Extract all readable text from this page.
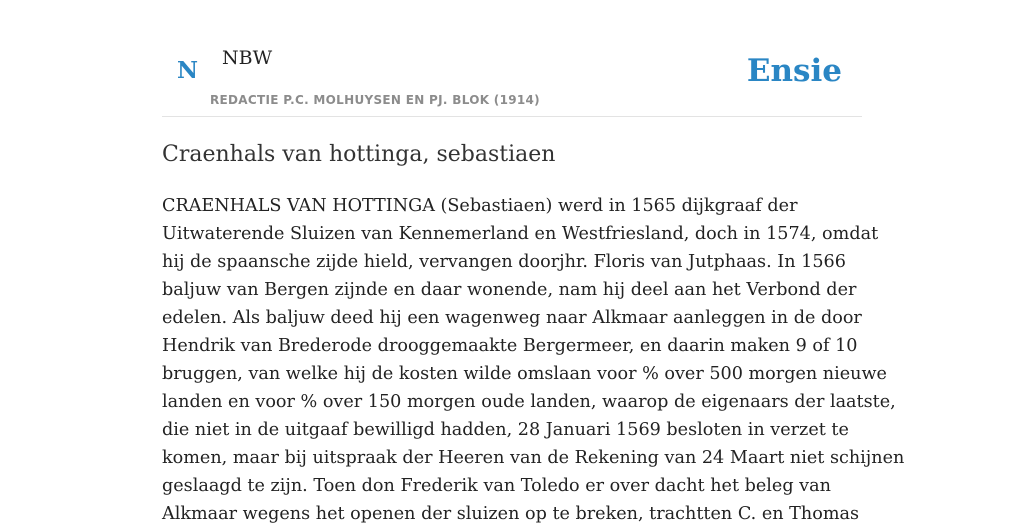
N NBW
REDACTIE P.C. MOLHUYSEN EN PJ. BLOK (1914)
Ensie
Craenhals van hottinga, sebastiaen

CRAENHALS VAN HOTTINGA (Sebastiaen) werd in 1565 dijkgraaf der
Uitwaterende Sluizen van Kennemerland en Westfriesland, doch in 1574, omdat
hij de spaansche zijde hield, vervangen doorjhr. Floris van Jutphaas. In 1566
baljuw van Bergen zijnde en daar wonende, nam hij deel aan het Verbond der
edelen. Als baljuw deed hij een wagenweg naar Alkmaar aanleggen in de door
Hendrik van Brederode drooggemaakte Bergermeer, en daarin maken 9 of 10
bruggen, van welke hij de kosten wilde omslaan voor % over 500 morgen nieuwe
landen en voor % over 150 morgen oude landen, waarop de eigenaars der laatste,
die niet in de uitgaaf bewilligd hadden, 28 Januari 1569 besloten in verzet te
komen, maar bij uitspraak der Heeren van de Rekening van 24 Maart niet schijnen
geslaagd te zijn. Toen don Frederik van Toledo er over dacht het beleg van
Alkmaar wegens het openen der sluizen op te breken, trachtten C. en Thomas
